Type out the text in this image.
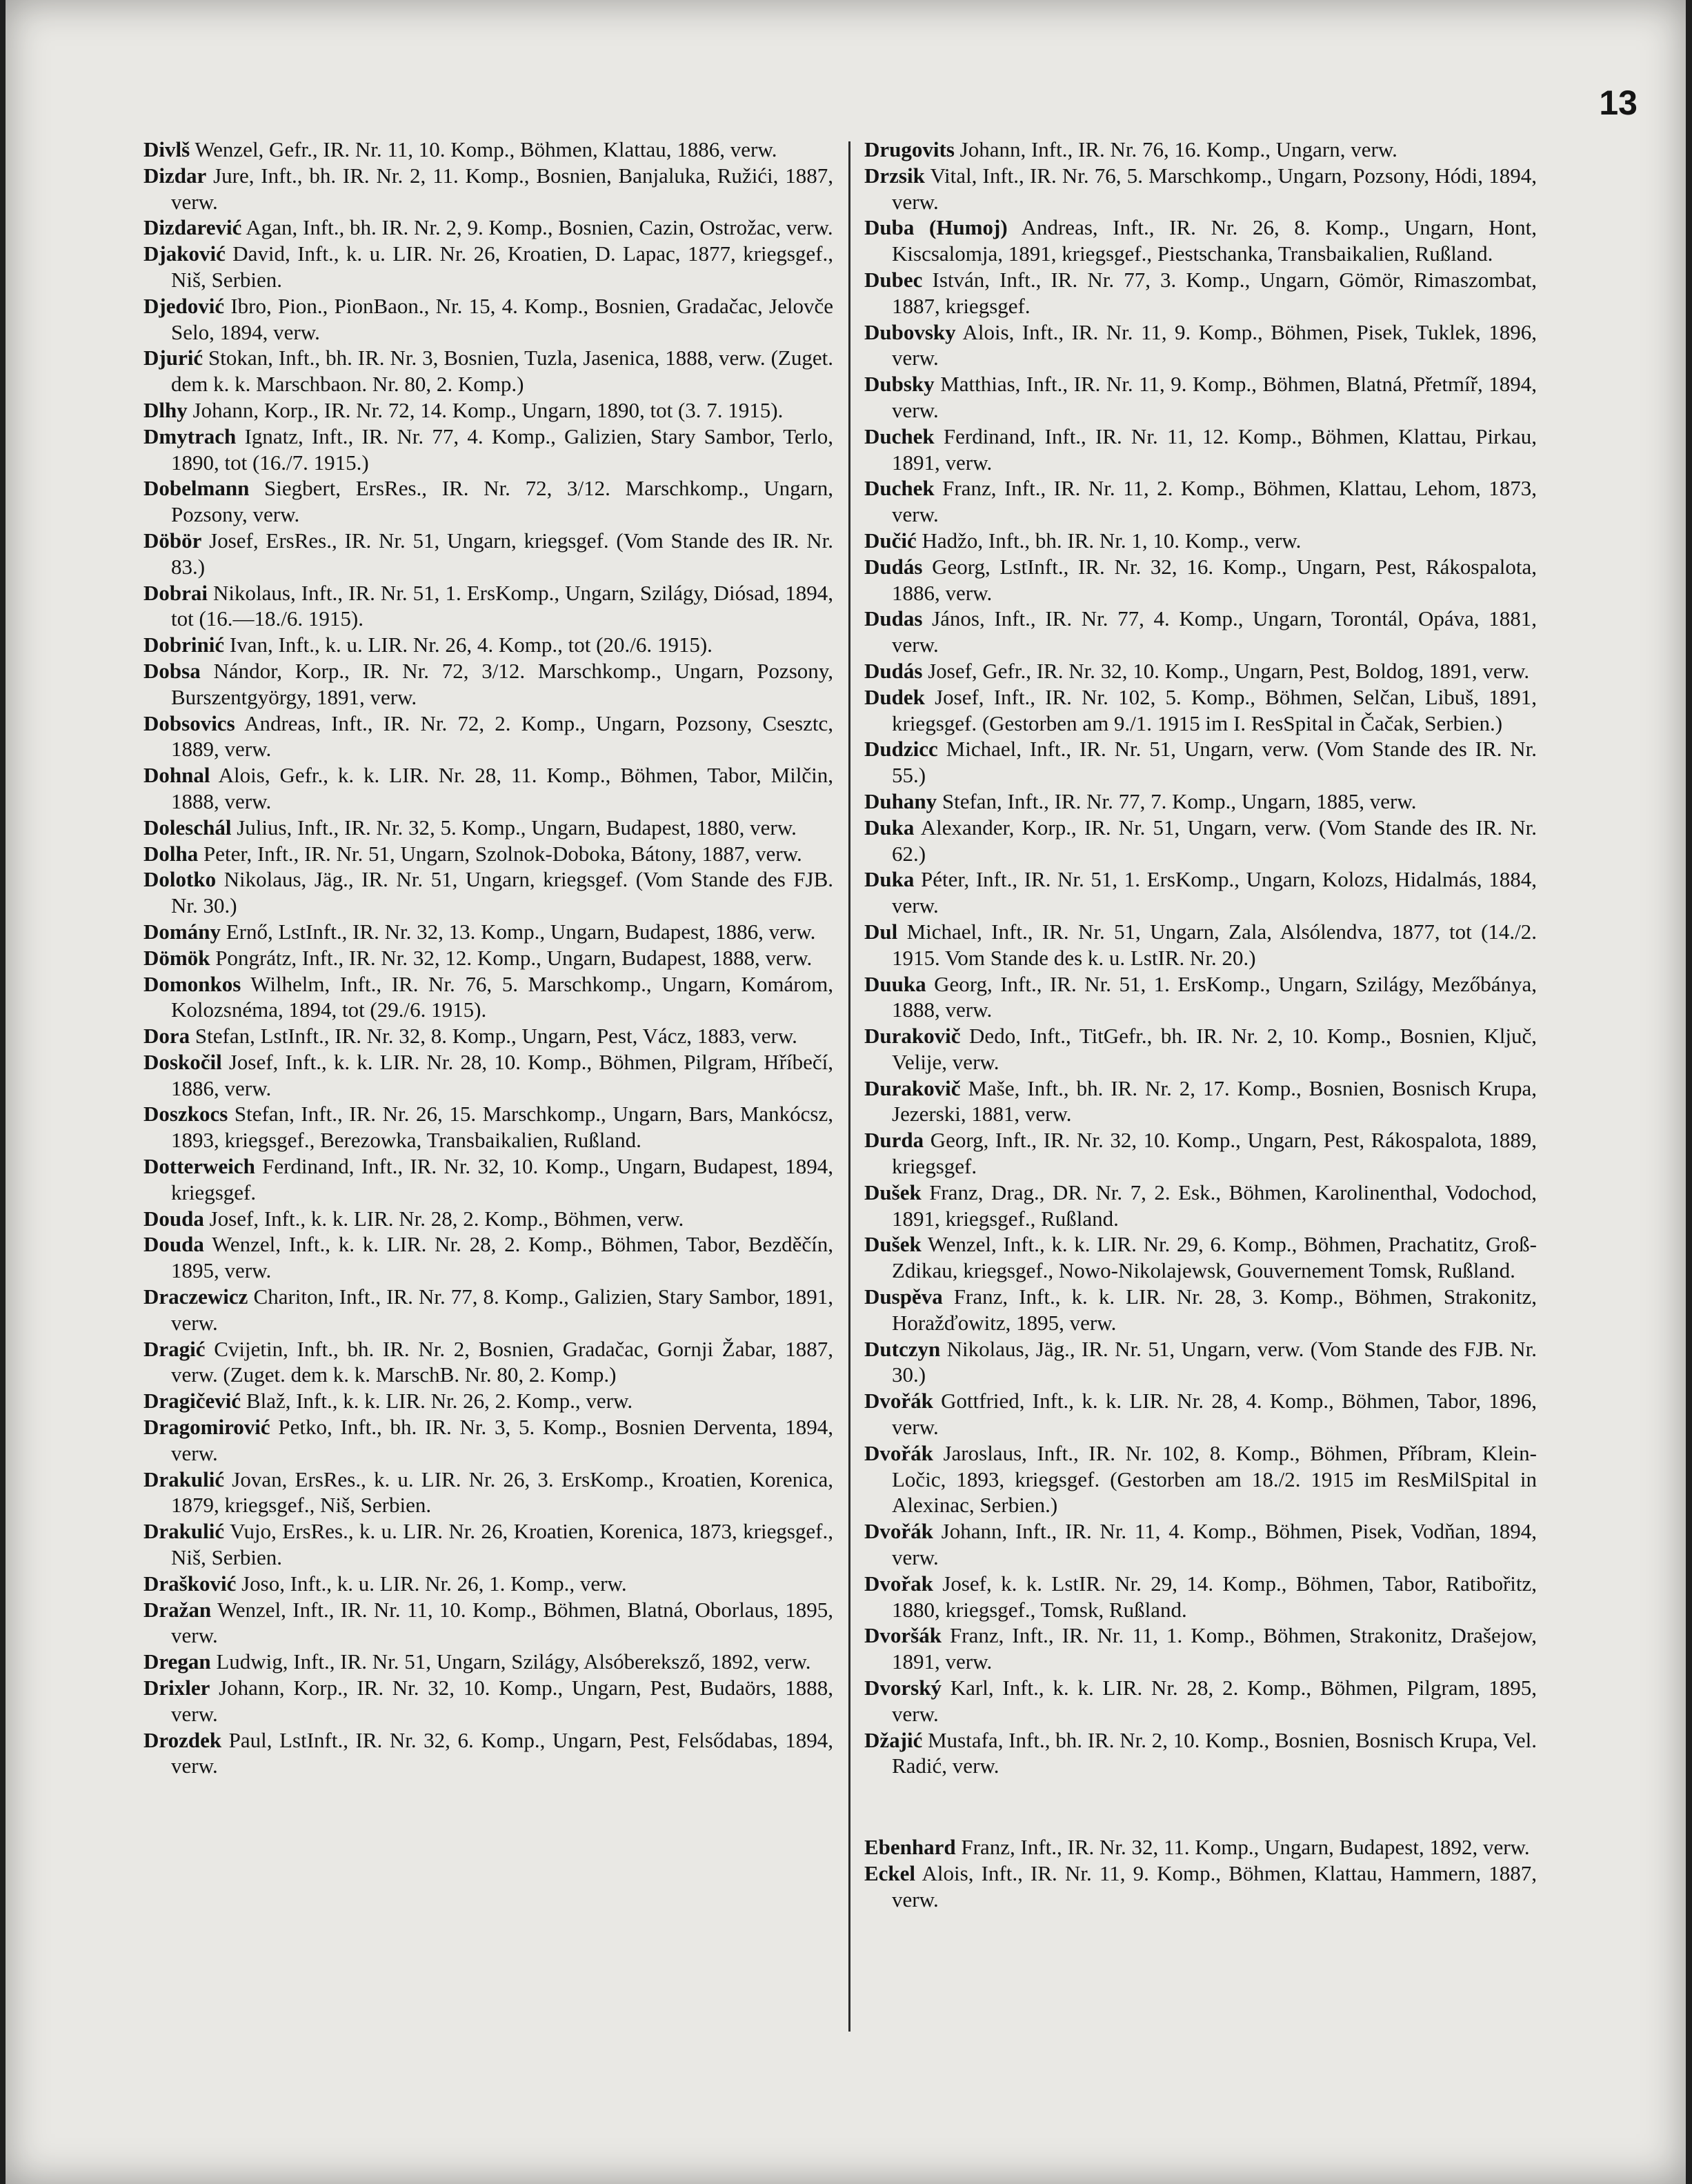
13

Divlš Wenzel, Gefr., IR. Nr. 11, 10. Komp., Böhmen, Klattau, 1886, verw.

Dizdar Jure, Inft., bh. IR. Nr. 2, 11. Komp., Bosnien, Banjaluka, Ružići, 1887, verw.

Dizdarević Agan, Inft., bh. IR. Nr. 2, 9. Komp., Bosnien, Cazin, Ostrožac, verw.

Djaković David, Inft., k. u. LIR. Nr. 26, Kroatien, D. Lapac, 1877, kriegsgef., Niš, Serbien.

Djedović Ibro, Pion., PionBaon., Nr. 15, 4. Komp., Bosnien, Gradačac, Jelovče Selo, 1894, verw.

Djurić Stokan, Inft., bh. IR. Nr. 3, Bosnien, Tuzla, Jasenica, 1888, verw. (Zuget. dem k. k. Marschbaon. Nr. 80, 2. Komp.)

Dlhy Johann, Korp., IR. Nr. 72, 14. Komp., Ungarn, 1890, tot (3. 7. 1915).

Dmytrach Ignatz, Inft., IR. Nr. 77, 4. Komp., Galizien, Stary Sambor, Terlo, 1890, tot (16./7. 1915.)

Dobelmann Siegbert, ErsRes., IR. Nr. 72, 3/12. Marschkomp., Ungarn, Pozsony, verw.

Döbör Josef, ErsRes., IR. Nr. 51, Ungarn, kriegsgef. (Vom Stande des IR. Nr. 83.)

Dobrai Nikolaus, Inft., IR. Nr. 51, 1. ErsKomp., Ungarn, Szilágy, Diósad, 1894, tot (16.—18./6. 1915).

Dobrinić Ivan, Inft., k. u. LIR. Nr. 26, 4. Komp., tot (20./6. 1915).

Dobsa Nándor, Korp., IR. Nr. 72, 3/12. Marschkomp., Ungarn, Pozsony, Burszentgyörgy, 1891, verw.

Dobsovics Andreas, Inft., IR. Nr. 72, 2. Komp., Ungarn, Pozsony, Csesztc, 1889, verw.

Dohnal Alois, Gefr., k. k. LIR. Nr. 28, 11. Komp., Böhmen, Tabor, Milčin, 1888, verw.

Doleschál Julius, Inft., IR. Nr. 32, 5. Komp., Ungarn, Budapest, 1880, verw.

Dolha Peter, Inft., IR. Nr. 51, Ungarn, Szolnok-Doboka, Bátony, 1887, verw.

Dolotko Nikolaus, Jäg., IR. Nr. 51, Ungarn, kriegsgef. (Vom Stande des FJB. Nr. 30.)

Domány Ernő, LstInft., IR. Nr. 32, 13. Komp., Ungarn, Budapest, 1886, verw.

Dömök Pongrátz, Inft., IR. Nr. 32, 12. Komp., Ungarn, Budapest, 1888, verw.

Domonkos Wilhelm, Inft., IR. Nr. 76, 5. Marschkomp., Ungarn, Komárom, Kolozsnéma, 1894, tot (29./6. 1915).

Dora Stefan, LstInft., IR. Nr. 32, 8. Komp., Ungarn, Pest, Vácz, 1883, verw.

Doskočil Josef, Inft., k. k. LIR. Nr. 28, 10. Komp., Böhmen, Pilgram, Hříbečí, 1886, verw.

Doszkocs Stefan, Inft., IR. Nr. 26, 15. Marschkomp., Ungarn, Bars, Mankócsz, 1893, kriegsgef., Berezowka, Transbaikalien, Rußland.

Dotterweich Ferdinand, Inft., IR. Nr. 32, 10. Komp., Ungarn, Budapest, 1894, kriegsgef.

Douda Josef, Inft., k. k. LIR. Nr. 28, 2. Komp., Böhmen, verw.

Douda Wenzel, Inft., k. k. LIR. Nr. 28, 2. Komp., Böhmen, Tabor, Bezděčín, 1895, verw.

Draczewicz Chariton, Inft., IR. Nr. 77, 8. Komp., Galizien, Stary Sambor, 1891, verw.

Dragić Cvijetin, Inft., bh. IR. Nr. 2, Bosnien, Gradačac, Gornji Žabar, 1887, verw. (Zuget. dem k. k. MarschB. Nr. 80, 2. Komp.)

Dragičević Blaž, Inft., k. k. LIR. Nr. 26, 2. Komp., verw.

Dragomirović Petko, Inft., bh. IR. Nr. 3, 5. Komp., Bosnien Derventa, 1894, verw.

Drakulić Jovan, ErsRes., k. u. LIR. Nr. 26, 3. ErsKomp., Kroatien, Korenica, 1879, kriegsgef., Niš, Serbien.

Drakulić Vujo, ErsRes., k. u. LIR. Nr. 26, Kroatien, Korenica, 1873, kriegsgef., Niš, Serbien.

Drašković Joso, Inft., k. u. LIR. Nr. 26, 1. Komp., verw.

Dražan Wenzel, Inft., IR. Nr. 11, 10. Komp., Böhmen, Blatná, Oborlaus, 1895, verw.

Dregan Ludwig, Inft., IR. Nr. 51, Ungarn, Szilágy, Alsóbereksző, 1892, verw.

Drixler Johann, Korp., IR. Nr. 32, 10. Komp., Ungarn, Pest, Budaörs, 1888, verw.

Drozdek Paul, LstInft., IR. Nr. 32, 6. Komp., Ungarn, Pest, Felsődabas, 1894, verw.

Drugovits Johann, Inft., IR. Nr. 76, 16. Komp., Ungarn, verw.

Drzsik Vital, Inft., IR. Nr. 76, 5. Marschkomp., Ungarn, Pozsony, Hódi, 1894, verw.

Duba (Humoj) Andreas, Inft., IR. Nr. 26, 8. Komp., Ungarn, Hont, Kiscsalomja, 1891, kriegsgef., Piestschanka, Transbaikalien, Rußland.

Dubec István, Inft., IR. Nr. 77, 3. Komp., Ungarn, Gömör, Rimaszombat, 1887, kriegsgef.

Dubovsky Alois, Inft., IR. Nr. 11, 9. Komp., Böhmen, Pisek, Tuklek, 1896, verw.

Dubsky Matthias, Inft., IR. Nr. 11, 9. Komp., Böhmen, Blatná, Přetmíř, 1894, verw.

Duchek Ferdinand, Inft., IR. Nr. 11, 12. Komp., Böhmen, Klattau, Pirkau, 1891, verw.

Duchek Franz, Inft., IR. Nr. 11, 2. Komp., Böhmen, Klattau, Lehom, 1873, verw.

Dučić Hadžo, Inft., bh. IR. Nr. 1, 10. Komp., verw.

Dudás Georg, LstInft., IR. Nr. 32, 16. Komp., Ungarn, Pest, Rákospalota, 1886, verw.

Dudas János, Inft., IR. Nr. 77, 4. Komp., Ungarn, Torontál, Opáva, 1881, verw.

Dudás Josef, Gefr., IR. Nr. 32, 10. Komp., Ungarn, Pest, Boldog, 1891, verw.

Dudek Josef, Inft., IR. Nr. 102, 5. Komp., Böhmen, Selčan, Libuš, 1891, kriegsgef. (Gestorben am 9./1. 1915 im I. ResSpital in Čačak, Serbien.)

Dudzicc Michael, Inft., IR. Nr. 51, Ungarn, verw. (Vom Stande des IR. Nr. 55.)

Duhany Stefan, Inft., IR. Nr. 77, 7. Komp., Ungarn, 1885, verw.

Duka Alexander, Korp., IR. Nr. 51, Ungarn, verw. (Vom Stande des IR. Nr. 62.)

Duka Péter, Inft., IR. Nr. 51, 1. ErsKomp., Ungarn, Kolozs, Hidalmás, 1884, verw.

Dul Michael, Inft., IR. Nr. 51, Ungarn, Zala, Alsólendva, 1877, tot (14./2. 1915. Vom Stande des k. u. LstIR. Nr. 20.)

Duuka Georg, Inft., IR. Nr. 51, 1. ErsKomp., Ungarn, Szilágy, Mezőbánya, 1888, verw.

Durakovič Dedo, Inft., TitGefr., bh. IR. Nr. 2, 10. Komp., Bosnien, Ključ, Velije, verw.

Durakovič Maše, Inft., bh. IR. Nr. 2, 17. Komp., Bosnien, Bosnisch Krupa, Jezerski, 1881, verw.

Durda Georg, Inft., IR. Nr. 32, 10. Komp., Ungarn, Pest, Rákospalota, 1889, kriegsgef.

Dušek Franz, Drag., DR. Nr. 7, 2. Esk., Böhmen, Karolinenthal, Vodochod, 1891, kriegsgef., Rußland.

Dušek Wenzel, Inft., k. k. LIR. Nr. 29, 6. Komp., Böhmen, Prachatitz, Groß-Zdikau, kriegsgef., Nowo-Nikolajewsk, Gouvernement Tomsk, Rußland.

Duspěva Franz, Inft., k. k. LIR. Nr. 28, 3. Komp., Böhmen, Strakonitz, Horažďowitz, 1895, verw.

Dutczyn Nikolaus, Jäg., IR. Nr. 51, Ungarn, verw. (Vom Stande des FJB. Nr. 30.)

Dvořák Gottfried, Inft., k. k. LIR. Nr. 28, 4. Komp., Böhmen, Tabor, 1896, verw.

Dvořák Jaroslaus, Inft., IR. Nr. 102, 8. Komp., Böhmen, Příbram, Klein-Ločic, 1893, kriegsgef. (Gestorben am 18./2. 1915 im ResMilSpital in Alexinac, Serbien.)

Dvořák Johann, Inft., IR. Nr. 11, 4. Komp., Böhmen, Pisek, Vodňan, 1894, verw.

Dvořak Josef, k. k. LstIR. Nr. 29, 14. Komp., Böhmen, Tabor, Ratibořitz, 1880, kriegsgef., Tomsk, Rußland.

Dvoršák Franz, Inft., IR. Nr. 11, 1. Komp., Böhmen, Strakonitz, Drašejow, 1891, verw.

Dvorský Karl, Inft., k. k. LIR. Nr. 28, 2. Komp., Böhmen, Pilgram, 1895, verw.

Džajić Mustafa, Inft., bh. IR. Nr. 2, 10. Komp., Bosnien, Bosnisch Krupa, Vel. Radić, verw.

Ebenhard Franz, Inft., IR. Nr. 32, 11. Komp., Ungarn, Budapest, 1892, verw.

Eckel Alois, Inft., IR. Nr. 11, 9. Komp., Böhmen, Klattau, Hammern, 1887, verw.
